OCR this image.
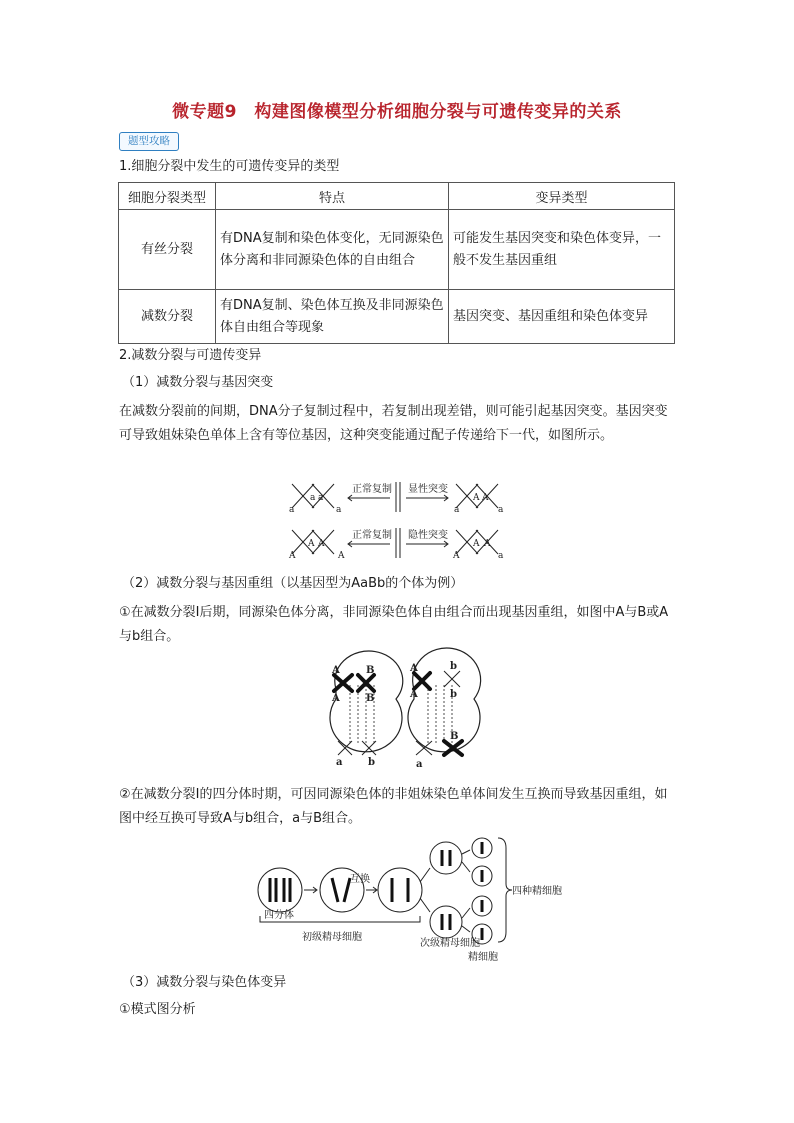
微专题9　构建图像模型分析细胞分裂与可遗传变异的关系
题型攻略

1.细胞分裂中发生的可遗传变异的类型

细胞分裂类型	特点	变异类型
有丝分裂	有DNA复制和染色体变化，无同源染色体分离和非同源染色体的自由组合	可能发生基因突变和染色体变异，一般不发生基因重组
减数分裂	有DNA复制、染色体互换及非同源染色体自由组合等现象	基因突变、基因重组和染色体变异

2.减数分裂与可遗传变异

（1）减数分裂与基因突变

在减数分裂前的间期，DNA分子复制过程中，若复制出现差错，则可能引起基因突变。基因突变可导致姐妹染色单体上含有等位基因，这种突变能通过配子传递给下一代，如图所示。

a
a a
a	a
A A
a
A
A A
A	A
A A
a
正常复制 显性突变
正常复制 隐性突变

（2）减数分裂与基因重组（以基因型为AaBb的个体为例）

①在减数分裂Ⅰ后期，同源染色体分离，非同源染色体自由组合而出现基因重组，如图中A与B或A与b组合。

A	B
A	B
a	b
A	b
A	b
a
B

②在减数分裂Ⅰ的四分体时期，可因同源染色体的非姐妹染色单体间发生互换而导致基因重组，如图中经互换可导致A与b组合，a与B组合。

互换
四分体
初级精母细胞
次级精母细胞
精细胞
四种精细胞

（3）减数分裂与染色体变异

①模式图分析
